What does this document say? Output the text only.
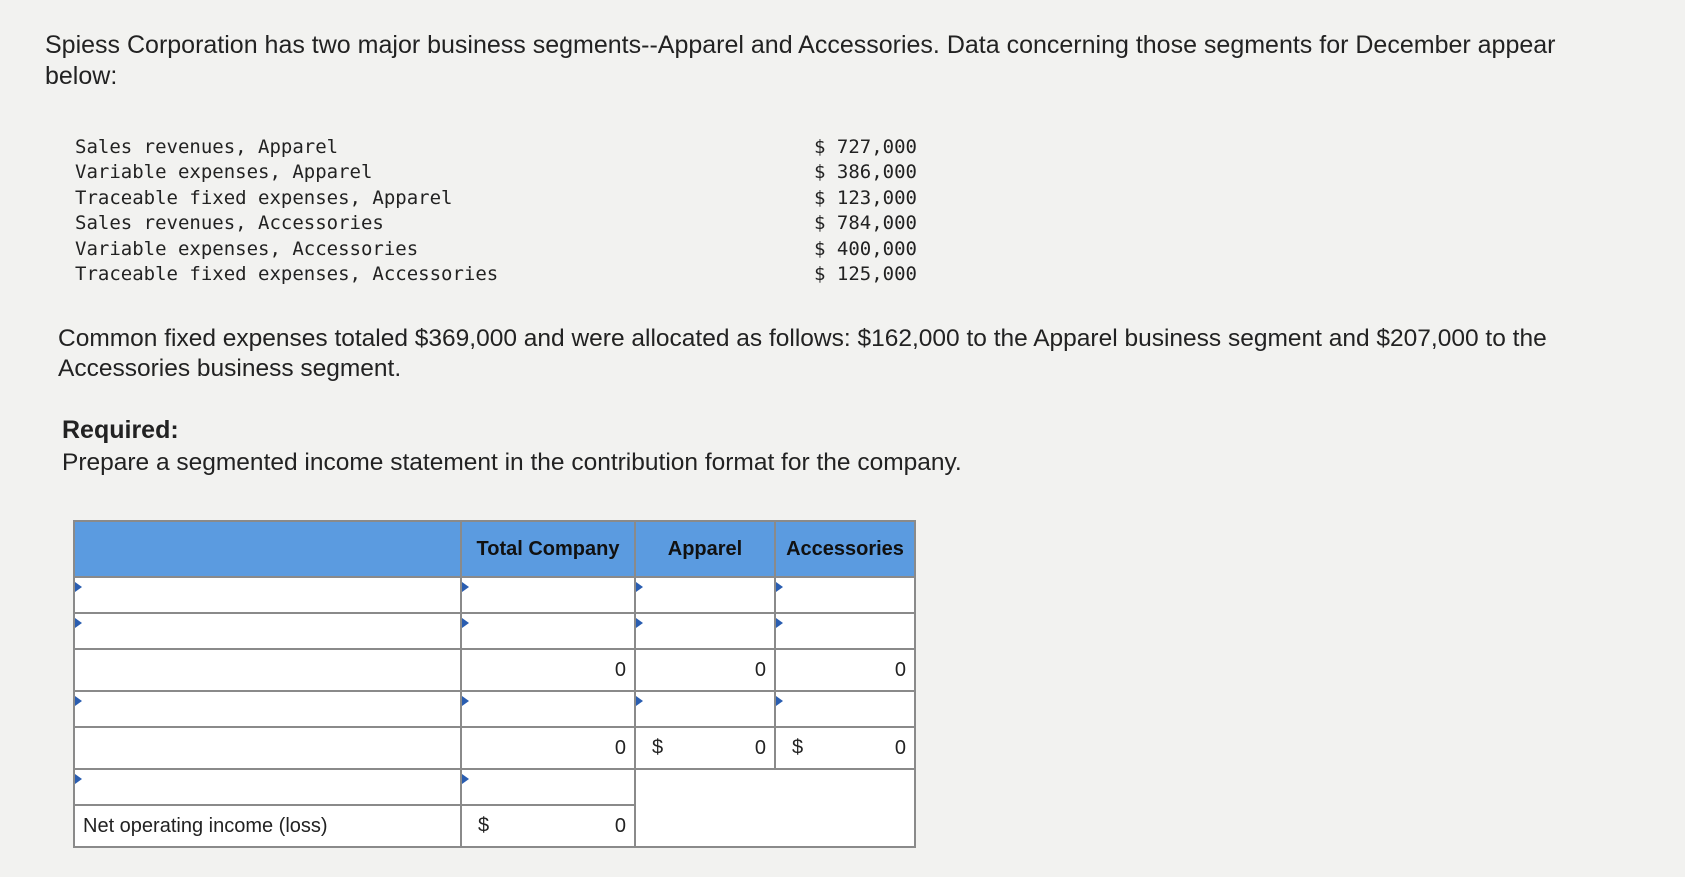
Spiess Corporation has two major business segments--Apparel and Accessories. Data concerning those segments for December appear below:

Sales revenues, Apparel	$ 727,000
Variable expenses, Apparel	$ 386,000
Traceable fixed expenses, Apparel	$ 123,000
Sales revenues, Accessories	$ 784,000
Variable expenses, Accessories	$ 400,000
Traceable fixed expenses, Accessories	$ 125,000

Common fixed expenses totaled $369,000 and were allocated as follows: $162,000 to the Apparel business segment and $207,000 to the Accessories business segment.

Required:

Prepare a segmented income statement in the contribution format for the company.

	Total Company	Apparel	Accessories

	0	0	0

	0	$ 0	$ 0

Net operating income (loss)	$ 0		
